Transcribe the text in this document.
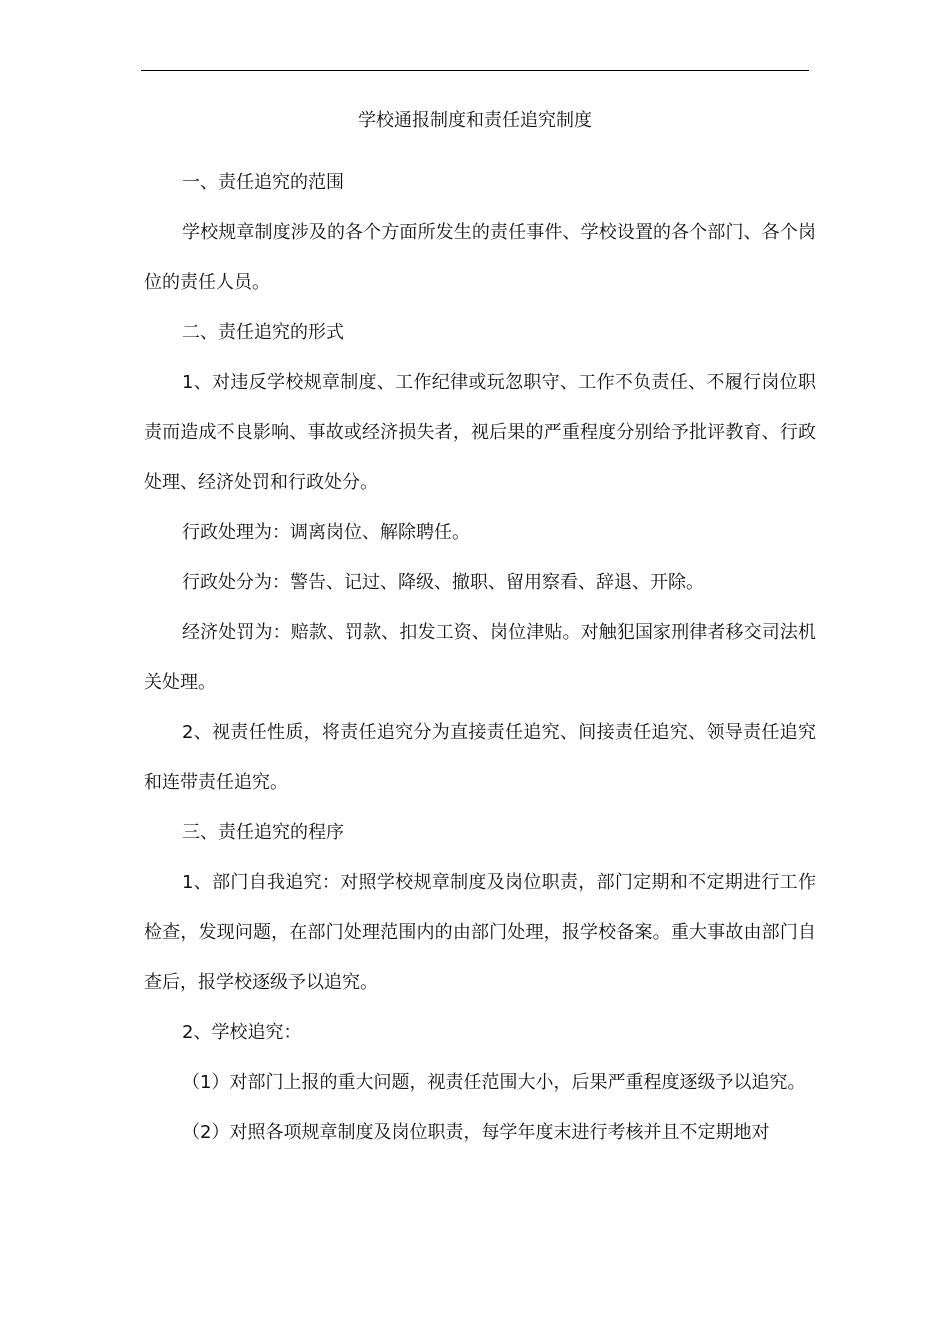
学校通报制度和责任追究制度

一、责任追究的范围

学校规章制度涉及的各个方面所发生的责任事件、学校设置的各个部门、各个岗位的责任人员。

二、责任追究的形式

1、对违反学校规章制度、工作纪律或玩忽职守、工作不负责任、不履行岗位职责而造成不良影响、事故或经济损失者，视后果的严重程度分别给予批评教育、行政处理、经济处罚和行政处分。

行政处理为：调离岗位、解除聘任。

行政处分为：警告、记过、降级、撤职、留用察看、辞退、开除。

经济处罚为：赔款、罚款、扣发工资、岗位津贴。对触犯国家刑律者移交司法机关处理。

2、视责任性质，将责任追究分为直接责任追究、间接责任追究、领导责任追究和连带责任追究。

三、责任追究的程序

1、部门自我追究：对照学校规章制度及岗位职责，部门定期和不定期进行工作检查，发现问题，在部门处理范围内的由部门处理，报学校备案。重大事故由部门自查后，报学校逐级予以追究。

2、学校追究：

（1）对部门上报的重大问题，视责任范围大小，后果严重程度逐级予以追究。

（2）对照各项规章制度及岗位职责，每学年度末进行考核并且不定期地对
